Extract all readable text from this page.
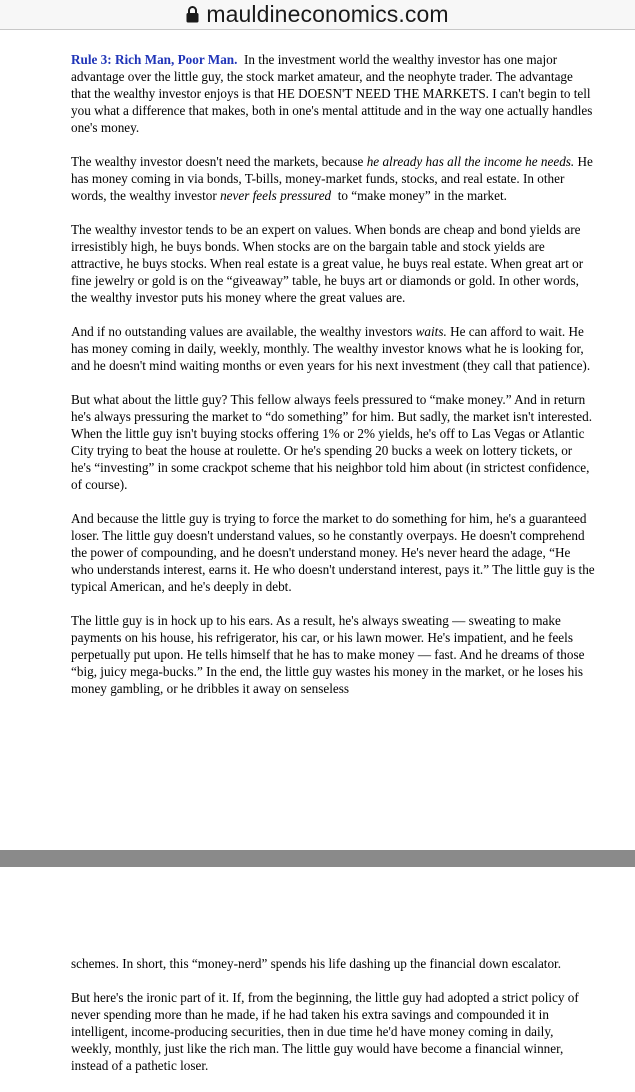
mauldineconomics.com

Rule 3: Rich Man, Poor Man. In the investment world the wealthy investor has one major advantage over the little guy, the stock market amateur, and the neophyte trader. The advantage that the wealthy investor enjoys is that HE DOESN'T NEED THE MARKETS. I can't begin to tell you what a difference that makes, both in one's mental attitude and in the way one actually handles one's money.

The wealthy investor doesn't need the markets, because he already has all the income he needs. He has money coming in via bonds, T-bills, money-market funds, stocks, and real estate. In other words, the wealthy investor never feels pressured to “make money” in the market.

The wealthy investor tends to be an expert on values. When bonds are cheap and bond yields are irresistibly high, he buys bonds. When stocks are on the bargain table and stock yields are attractive, he buys stocks. When real estate is a great value, he buys real estate. When great art or fine jewelry or gold is on the “giveaway” table, he buys art or diamonds or gold. In other words, the wealthy investor puts his money where the great values are.

And if no outstanding values are available, the wealthy investors waits. He can afford to wait. He has money coming in daily, weekly, monthly. The wealthy investor knows what he is looking for, and he doesn't mind waiting months or even years for his next investment (they call that patience).

But what about the little guy? This fellow always feels pressured to “make money.” And in return he's always pressuring the market to “do something” for him. But sadly, the market isn't interested. When the little guy isn't buying stocks offering 1% or 2% yields, he's off to Las Vegas or Atlantic City trying to beat the house at roulette. Or he's spending 20 bucks a week on lottery tickets, or he's “investing” in some crackpot scheme that his neighbor told him about (in strictest confidence, of course).

And because the little guy is trying to force the market to do something for him, he's a guaranteed loser. The little guy doesn't understand values, so he constantly overpays. He doesn't comprehend the power of compounding, and he doesn't understand money. He's never heard the adage, “He who understands interest, earns it. He who doesn't understand interest, pays it.” The little guy is the typical American, and he's deeply in debt.

The little guy is in hock up to his ears. As a result, he's always sweating — sweating to make payments on his house, his refrigerator, his car, or his lawn mower. He's impatient, and he feels perpetually put upon. He tells himself that he has to make money — fast. And he dreams of those “big, juicy mega-bucks.” In the end, the little guy wastes his money in the market, or he loses his money gambling, or he dribbles it away on senseless

schemes. In short, this “money-nerd” spends his life dashing up the financial down escalator.

But here's the ironic part of it. If, from the beginning, the little guy had adopted a strict policy of never spending more than he made, if he had taken his extra savings and compounded it in intelligent, income-producing securities, then in due time he'd have money coming in daily, weekly, monthly, just like the rich man. The little guy would have become a financial winner, instead of a pathetic loser.
